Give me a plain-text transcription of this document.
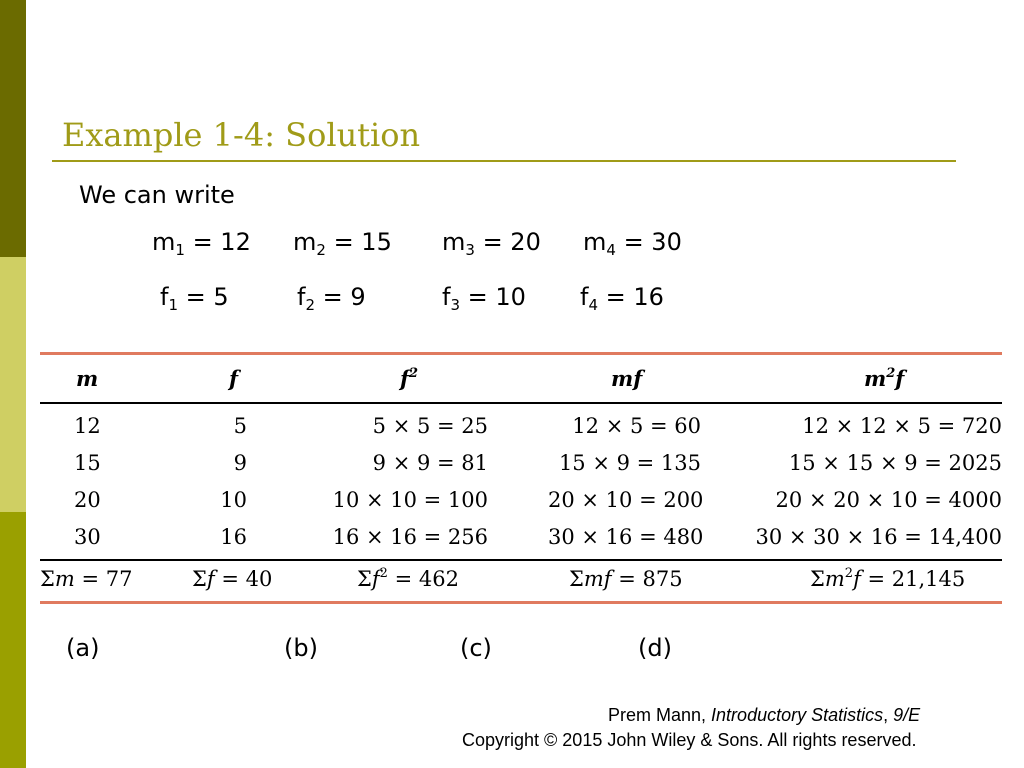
Example 1-4: Solution
We can write
$m_1 = 12$ $m_2 = 15$ $m_3 = 20$ $m_4 = 30$
$f_1 = 5$	$f_2 = 9$	$f_3 = 10$ $f_4 = 16$
m	f	$f^2$	mf	$m^2f$
12	5	5 × 5 = 25	12 × 5 = 60	12 × 12 × 5 = 720
15	9	9 × 9 = 81	15 × 9 = 135	15 × 15 × 9 = 2025
20	10	10 × 10 = 100	20 × 10 = 200	20 × 20 × 10 = 4000
30	16	16 × 16 = 256	30 × 16 = 480	30 × 30 × 16 = 14,400
Σm = 77	Σf = 40	$\Sigma f^2 = 462$	Σmf = 875	$\Sigma m^2f = 21,145$
(a)	(b)	(c)	(d)
Prem Mann, Introductory Statistics, 9/E
Copyright © 2015 John Wiley & Sons. All rights reserved.
